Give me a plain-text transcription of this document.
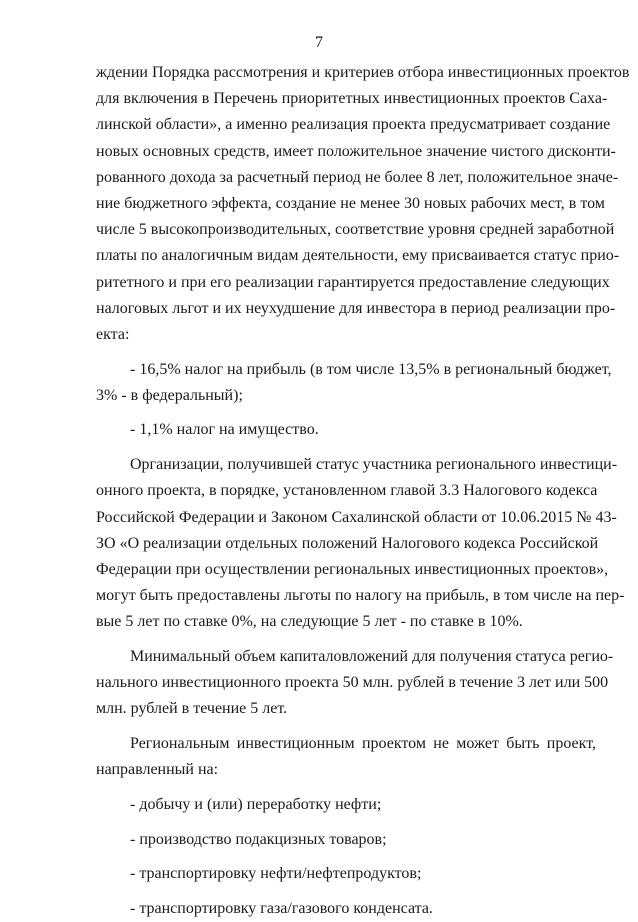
7
ждении Порядка рассмотрения и критериев отбора инвестиционных проектов
для включения в Перечень приоритетных инвестиционных проектов Саха-
линской области», а именно реализация проекта предусматривает создание
новых основных средств, имеет положительное значение чистого дисконти-
рованного дохода за расчетный период не более 8 лет, положительное значе-
ние бюджетного эффекта, создание не менее 30 новых рабочих мест, в том
числе 5 высокопроизводительных, соответствие уровня средней заработной
платы по аналогичным видам деятельности, ему присваивается статус прио-
ритетного и при его реализации гарантируется предоставление следующих
налоговых льгот и их неухудшение для инвестора в период реализации про-
екта:
- 16,5% налог на прибыль (в том числе 13,5% в региональный бюджет,
3% - в федеральный);
- 1,1% налог на имущество.
Организации, получившей статус участника регионального инвестици-
онного проекта, в порядке, установленном главой 3.3 Налогового кодекса
Российской Федерации и Законом Сахалинской области от 10.06.2015 № 43-
ЗО «О реализации отдельных положений Налогового кодекса Российской
Федерации при осуществлении региональных инвестиционных проектов»,
могут быть предоставлены льготы по налогу на прибыль, в том числе на пер-
вые 5 лет по ставке 0%, на следующие 5 лет - по ставке в 10%.
Минимальный объем капиталовложений для получения статуса регио-
нального инвестиционного проекта 50 млн. рублей в течение 3 лет или 500
млн. рублей в течение 5 лет.
Региональным инвестиционным проектом не может быть проект,
направленный на:
- добычу и (или) переработку нефти;
- производство подакцизных товаров;
- транспортировку нефти/нефтепродуктов;
- транспортировку газа/газового конденсата.
